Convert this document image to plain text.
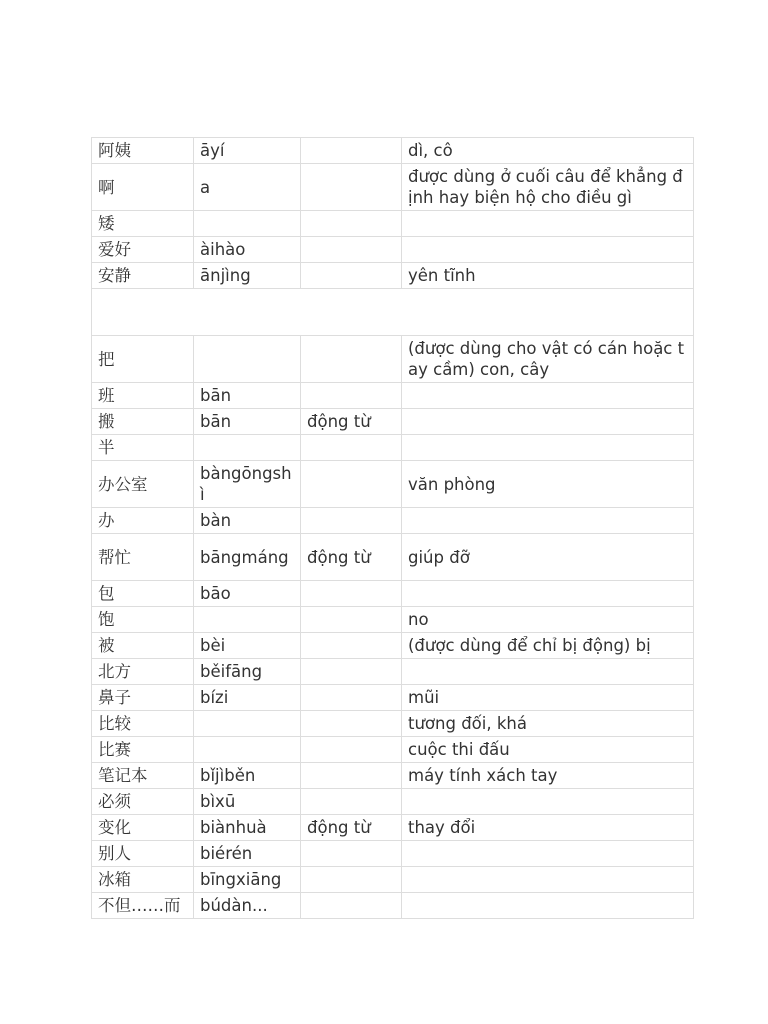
阿姨	āyí		dì, cô
啊	a		được dùng ở cuối câu để khẳng định hay biện hộ cho điều gì
矮			
爱好	àihào		
安静	ānjìng		yên tĩnh

把			(được dùng cho vật có cán hoặc tay cầm) con, cây
班	bān		
搬	bān	động từ	
半			
办公室	bàngōngshì		văn phòng
办	bàn		
帮忙	bāngmáng	động từ	giúp đỡ
包	bāo		
饱			no
被	bèi		(được dùng để chỉ bị động) bị
北方	běifāng		
鼻子	bízi		mũi
比较			tương đối, khá
比赛			cuộc thi đấu
笔记本	bǐjìběn		máy tính xách tay
必须	bìxū		
变化	biànhuà	động từ	thay đổi
别人	biérén		
冰箱	bīngxiāng		
不但……而	búdàn...		
